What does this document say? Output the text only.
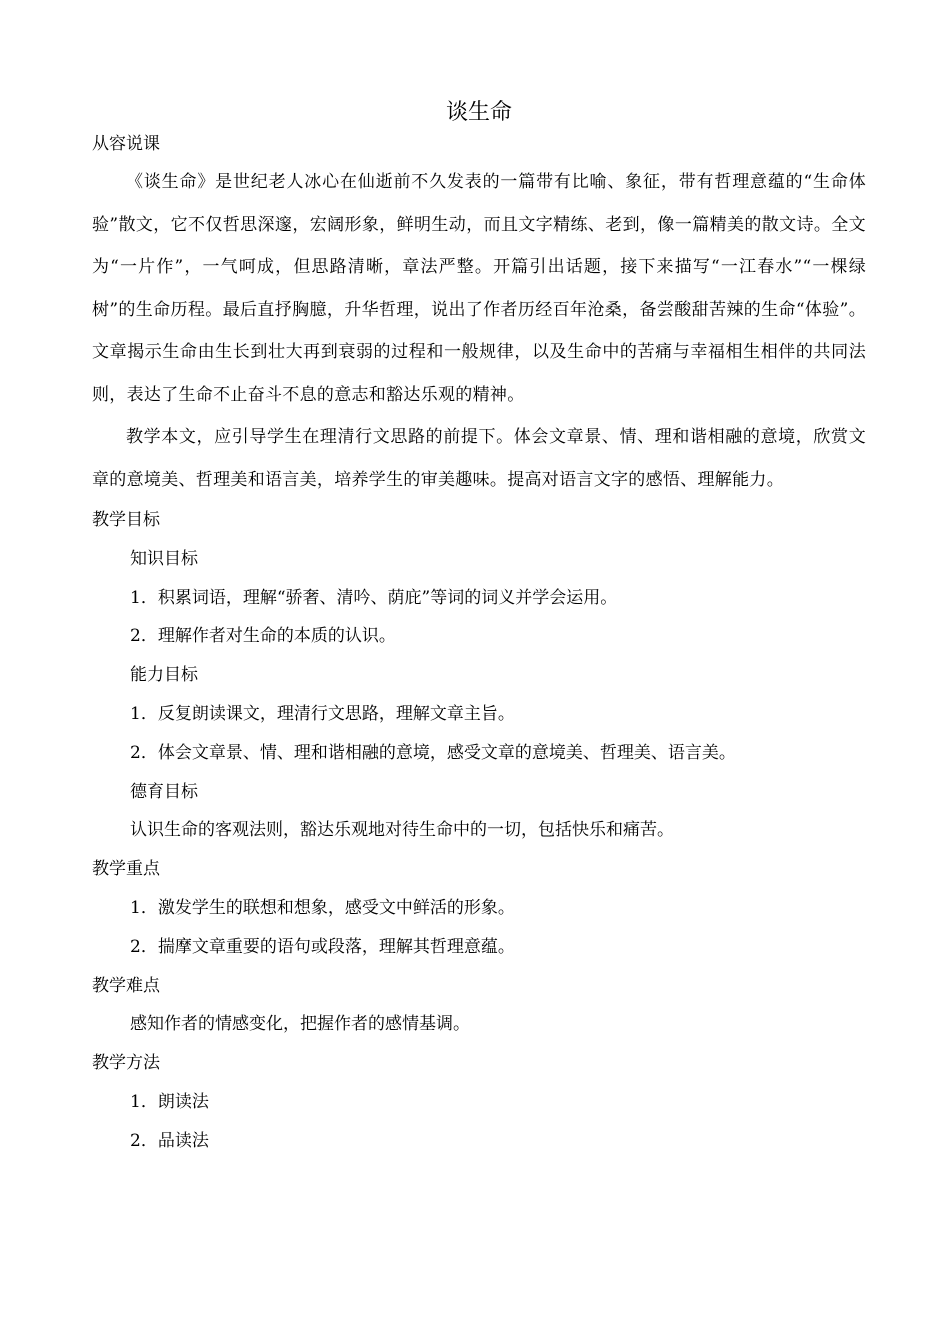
谈生命

从容说课

《谈生命》是世纪老人冰心在仙逝前不久发表的一篇带有比喻、象征，带有哲理意蕴的“生命体验”散文，它不仅哲思深邃，宏阔形象，鲜明生动，而且文字精练、老到，像一篇精美的散文诗。全文为“一片作”，一气呵成，但思路清晰，章法严整。开篇引出话题，接下来描写“一江春水”“一棵绿树”的生命历程。最后直抒胸臆，升华哲理，说出了作者历经百年沧桑，备尝酸甜苦辣的生命“体验”。文章揭示生命由生长到壮大再到衰弱的过程和一般规律，以及生命中的苦痛与幸福相生相伴的共同法则，表达了生命不止奋斗不息的意志和豁达乐观的精神。

教学本文，应引导学生在理清行文思路的前提下。体会文章景、情、理和谐相融的意境，欣赏文章的意境美、哲理美和语言美，培养学生的审美趣味。提高对语言文字的感悟、理解能力。

教学目标

知识目标

1．积累词语，理解“骄奢、清吟、荫庇”等词的词义并学会运用。

2．理解作者对生命的本质的认识。

能力目标

1．反复朗读课文，理清行文思路，理解文章主旨。

2．体会文章景、情、理和谐相融的意境，感受文章的意境美、哲理美、语言美。

德育目标

认识生命的客观法则，豁达乐观地对待生命中的一切，包括快乐和痛苦。

教学重点

1．激发学生的联想和想象，感受文中鲜活的形象。

2．揣摩文章重要的语句或段落，理解其哲理意蕴。

教学难点

感知作者的情感变化，把握作者的感情基调。

教学方法

1．朗读法

2．品读法
